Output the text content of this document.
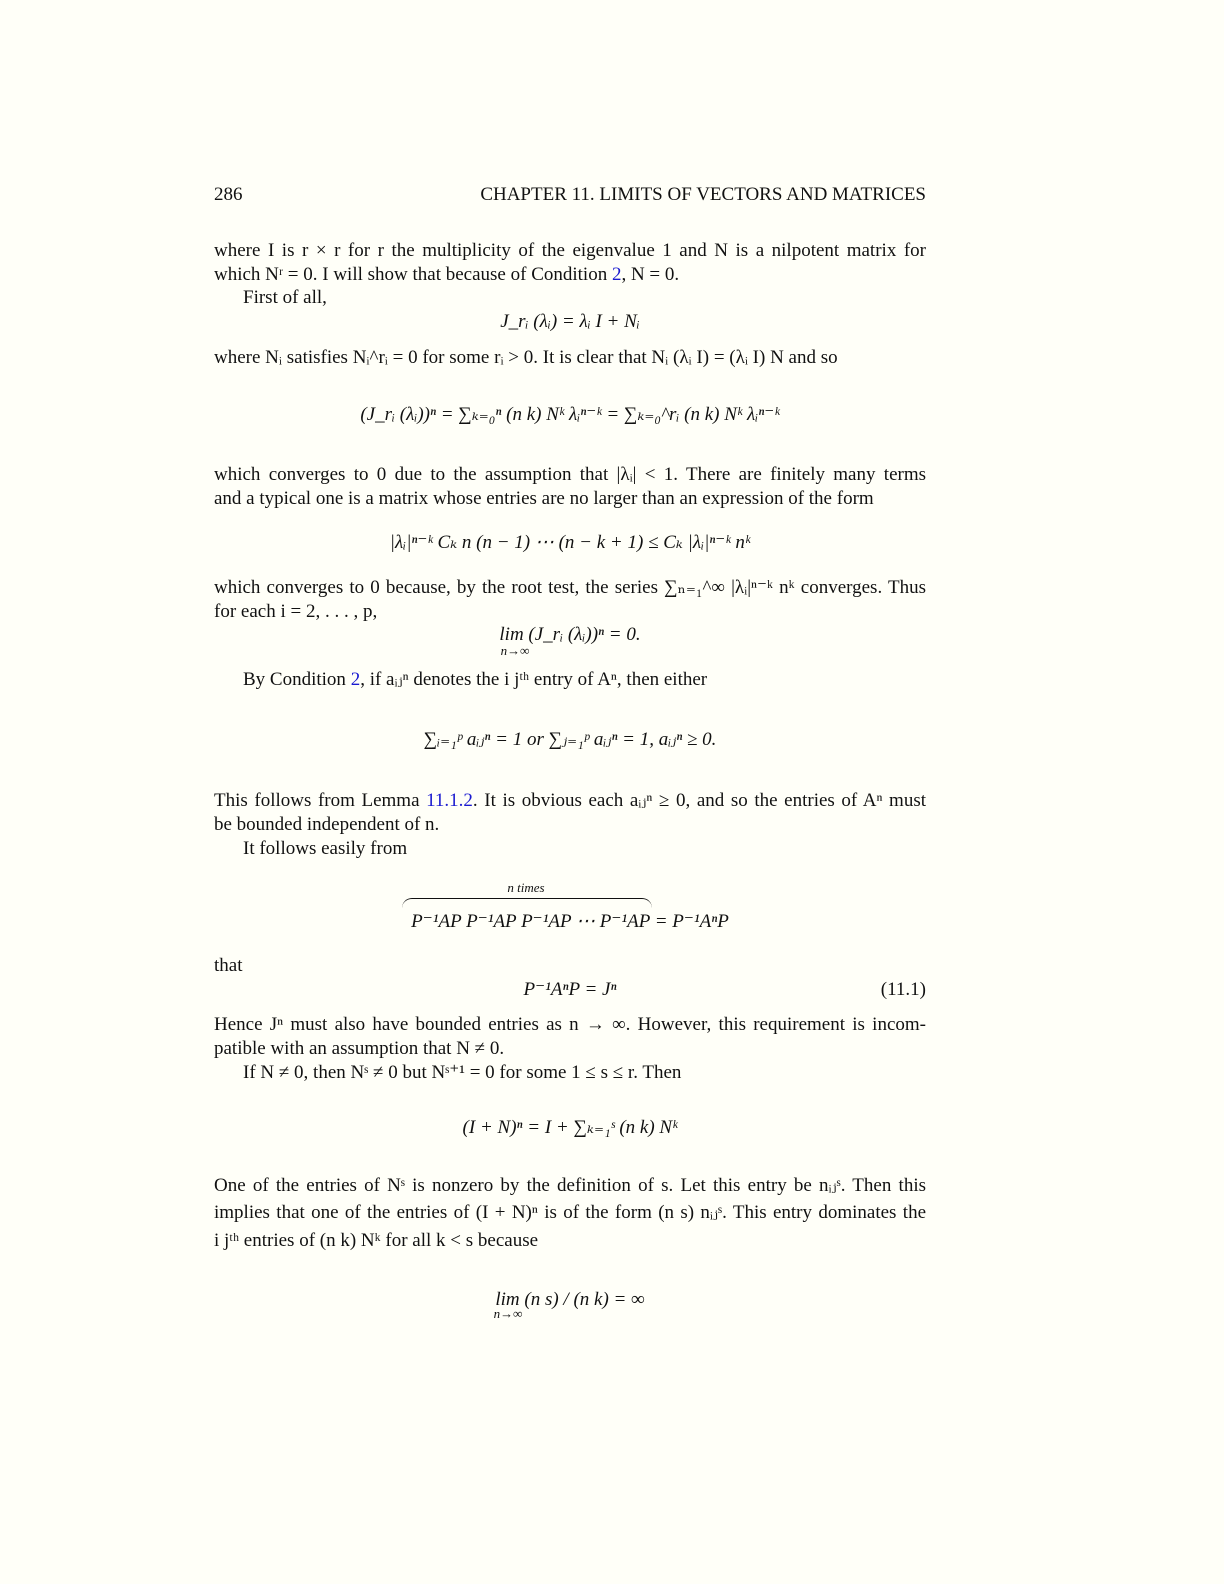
286	CHAPTER 11. LIMITS OF VECTORS AND MATRICES
where I is r × r for r the multiplicity of the eigenvalue 1 and N is a nilpotent matrix for
which Nʳ = 0. I will show that because of Condition 2, N = 0.
First of all,
J_rᵢ (λᵢ) = λᵢ I + Nᵢ
where Nᵢ satisfies Nᵢ^rᵢ = 0 for some rᵢ > 0. It is clear that Nᵢ (λᵢ I) = (λᵢ I) N and so
(J_rᵢ (λᵢ))ⁿ = ∑ₖ₌₀ⁿ (n k) Nᵏ λᵢⁿ⁻ᵏ = ∑ₖ₌₀^rᵢ (n k) Nᵏ λᵢⁿ⁻ᵏ
which converges to 0 due to the assumption that |λᵢ| < 1. There are finitely many terms
and a typical one is a matrix whose entries are no larger than an expression of the form
|λᵢ|ⁿ⁻ᵏ Cₖ n (n − 1) ⋯ (n − k + 1) ≤ Cₖ |λᵢ|ⁿ⁻ᵏ nᵏ
which converges to 0 because, by the root test, the series ∑ₙ₌₁^∞ |λᵢ|ⁿ⁻ᵏ nᵏ converges. Thus
for each i = 2, . . . , p,
lim (J_rᵢ (λᵢ))ⁿ = 0.
n→∞
By Condition 2, if aᵢⱼⁿ denotes the i jᵗʰ entry of Aⁿ, then either
∑ᵢ₌₁ᵖ aᵢⱼⁿ = 1 or ∑ⱼ₌₁ᵖ aᵢⱼⁿ = 1, aᵢⱼⁿ ≥ 0.
This follows from Lemma 11.1.2. It is obvious each aᵢⱼⁿ ≥ 0, and so the entries of Aⁿ must
be bounded independent of n.
It follows easily from
n times
P⁻¹AP P⁻¹AP P⁻¹AP ⋯ P⁻¹AP = P⁻¹AⁿP
that
P⁻¹AⁿP = Jⁿ	(11.1)
Hence Jⁿ must also have bounded entries as n → ∞. However, this requirement is incom-
patible with an assumption that N ≠ 0.
If N ≠ 0, then Nˢ ≠ 0 but Nˢ⁺¹ = 0 for some 1 ≤ s ≤ r. Then
(I + N)ⁿ = I + ∑ₖ₌₁ˢ (n k) Nᵏ
One of the entries of Nˢ is nonzero by the definition of s. Let this entry be nᵢⱼˢ. Then this
implies that one of the entries of (I + N)ⁿ is of the form (n s) nᵢⱼˢ. This entry dominates the
i jᵗʰ entries of (n k) Nᵏ for all k < s because
lim (n s) / (n k) = ∞
n→∞
